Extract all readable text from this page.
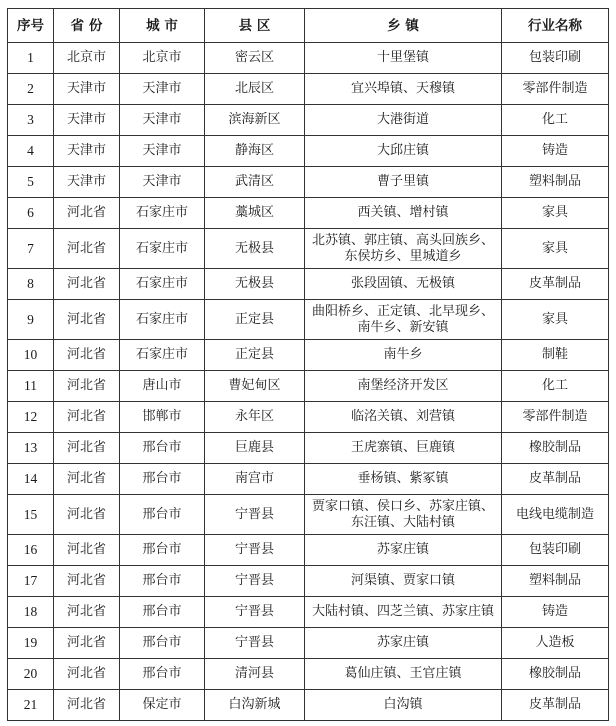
序号	省 份	城 市	县 区	乡 镇	行业名称
1	北京市	北京市	密云区	十里堡镇	包装印刷
2	天津市	天津市	北辰区	宜兴埠镇、天穆镇	零部件制造
3	天津市	天津市	滨海新区	大港街道	化工
4	天津市	天津市	静海区	大邱庄镇	铸造
5	天津市	天津市	武清区	曹子里镇	塑料制品
6	河北省	石家庄市	藁城区	西关镇、增村镇	家具
7	河北省	石家庄市	无极县	北苏镇、郭庄镇、高头回族乡、东侯坊乡、里城道乡	家具
8	河北省	石家庄市	无极县	张段固镇、无极镇	皮革制品
9	河北省	石家庄市	正定县	曲阳桥乡、正定镇、北早现乡、南牛乡、新安镇	家具
10	河北省	石家庄市	正定县	南牛乡	制鞋
11	河北省	唐山市	曹妃甸区	南堡经济开发区	化工
12	河北省	邯郸市	永年区	临洺关镇、刘营镇	零部件制造
13	河北省	邢台市	巨鹿县	王虎寨镇、巨鹿镇	橡胶制品
14	河北省	邢台市	南宫市	垂杨镇、紫冢镇	皮革制品
15	河北省	邢台市	宁晋县	贾家口镇、侯口乡、苏家庄镇、东汪镇、大陆村镇	电线电缆制造
16	河北省	邢台市	宁晋县	苏家庄镇	包装印刷
17	河北省	邢台市	宁晋县	河渠镇、贾家口镇	塑料制品
18	河北省	邢台市	宁晋县	大陆村镇、四芝兰镇、苏家庄镇	铸造
19	河北省	邢台市	宁晋县	苏家庄镇	人造板
20	河北省	邢台市	清河县	葛仙庄镇、王官庄镇	橡胶制品
21	河北省	保定市	白沟新城	白沟镇	皮革制品
